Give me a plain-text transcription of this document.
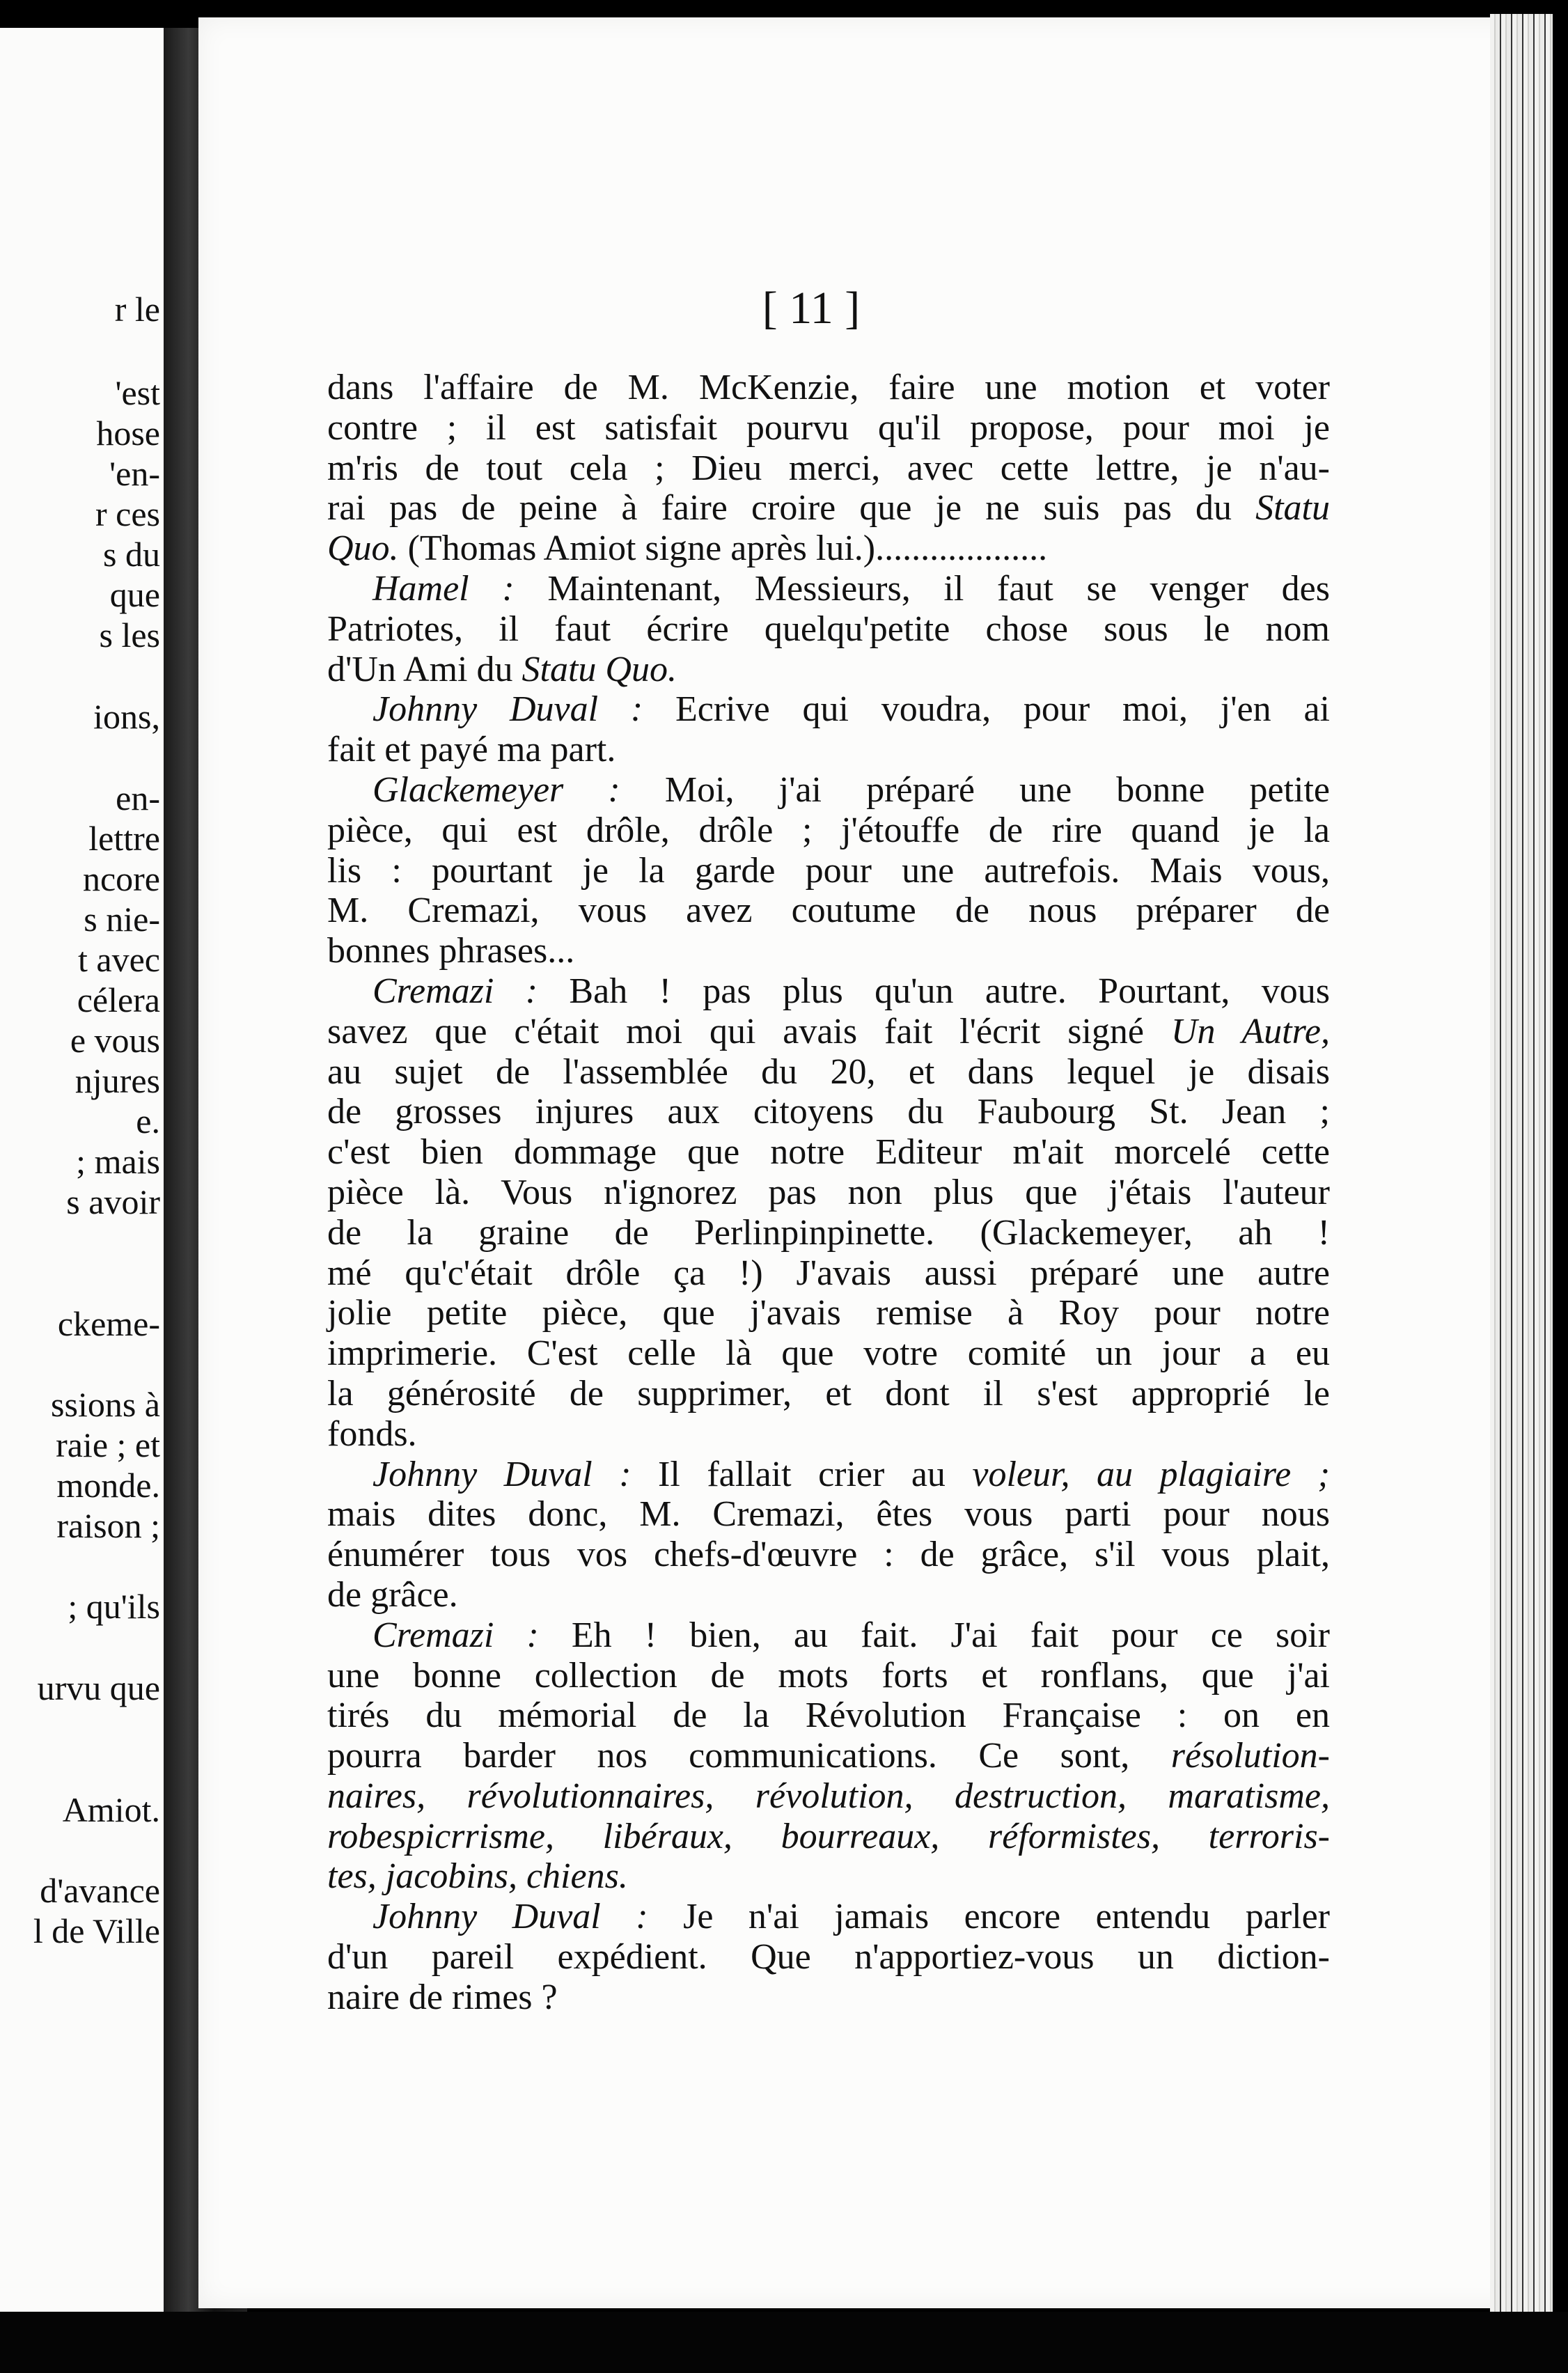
r le
'est
hose
'en-
r ces
s du
que
s les
ions,
en-
lettre
ncore
s nie-
t avec
célera
e vous
njures
e.
; mais
s avoir
ckeme-
ssions à
raie ; et
monde.
raison ;
; qu'ils
urvu que
Amiot.
d'avance
l de Ville
[ 11 ]

dans l'affaire de M. McKenzie, faire une motion et voter

contre ; il est satisfait pourvu qu'il propose, pour moi je

m'ris de tout cela ; Dieu merci, avec cette lettre, je n'au-

rai pas de peine à faire croire que je ne suis pas du Statu

Quo. (Thomas Amiot signe après lui.)...................

Hamel : Maintenant, Messieurs, il faut se venger des

Patriotes, il faut écrire quelqu'petite chose sous le nom

d'Un Ami du Statu Quo.

Johnny Duval : Ecrive qui voudra, pour moi, j'en ai

fait et payé ma part.

Glackemeyer : Moi, j'ai préparé une bonne petite

pièce, qui est drôle, drôle ; j'étouffe de rire quand je la

lis : pourtant je la garde pour une autrefois. Mais vous,

M. Cremazi, vous avez coutume de nous préparer de

bonnes phrases...

Cremazi : Bah ! pas plus qu'un autre. Pourtant, vous

savez que c'était moi qui avais fait l'écrit signé Un Autre,

au sujet de l'assemblée du 20, et dans lequel je disais

de grosses injures aux citoyens du Faubourg St. Jean ;

c'est bien dommage que notre Editeur m'ait morcelé cette

pièce là. Vous n'ignorez pas non plus que j'étais l'auteur

de la graine de Perlinpinpinette. (Glackemeyer, ah !

mé qu'c'était drôle ça !) J'avais aussi préparé une autre

jolie petite pièce, que j'avais remise à Roy pour notre

imprimerie. C'est celle là que votre comité un jour a eu

la générosité de supprimer, et dont il s'est approprié le

fonds.

Johnny Duval : Il fallait crier au voleur, au plagiaire ;

mais dites donc, M. Cremazi, êtes vous parti pour nous

énumérer tous vos chefs-d'œuvre : de grâce, s'il vous plait,

de grâce.

Cremazi : Eh ! bien, au fait. J'ai fait pour ce soir

une bonne collection de mots forts et ronflans, que j'ai

tirés du mémorial de la Révolution Française : on en

pourra barder nos communications. Ce sont, résolution-

naires, révolutionnaires, révolution, destruction, maratisme,

robespicrrisme, libéraux, bourreaux, réformistes, terroris-

tes, jacobins, chiens.

Johnny Duval : Je n'ai jamais encore entendu parler

d'un pareil expédient. Que n'apportiez-vous un diction-

naire de rimes ?
